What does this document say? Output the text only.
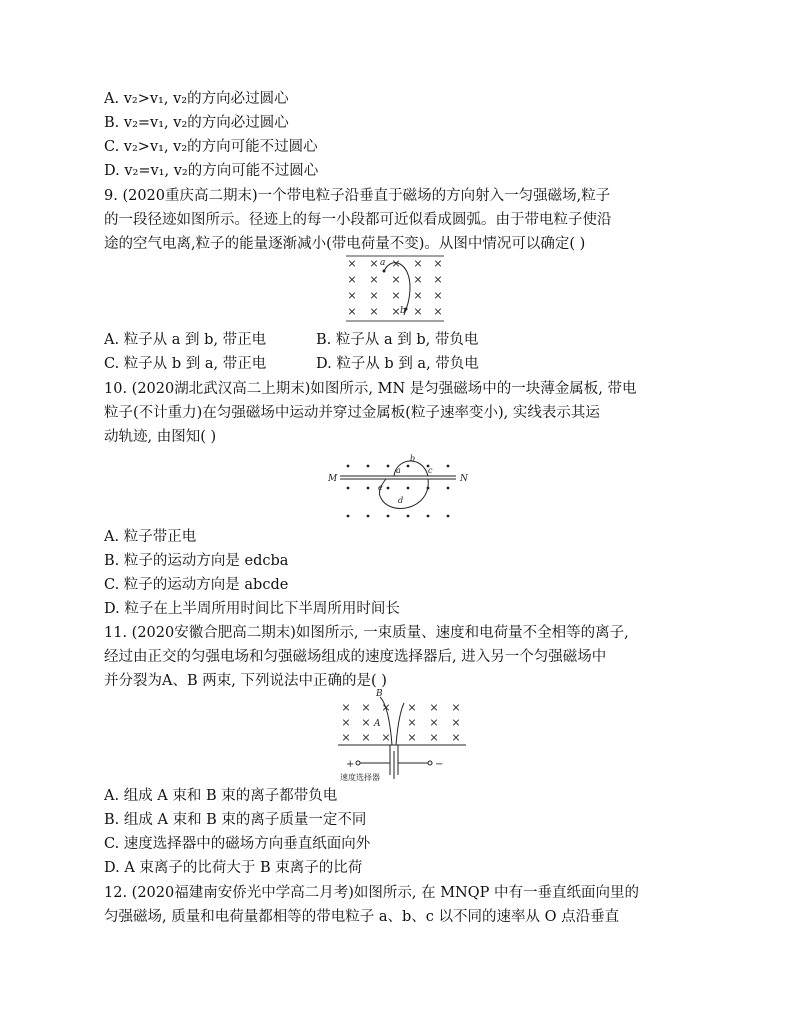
A. v₂>v₁, v₂的方向必过圆心
B. v₂=v₁, v₂的方向必过圆心
C. v₂>v₁, v₂的方向可能不过圆心
D. v₂=v₁, v₂的方向可能不过圆心
9. (2020重庆高二期末)一个带电粒子沿垂直于磁场的方向射入一匀强磁场,粒子
的一段径迹如图所示。径迹上的每一小段都可近似看成圆弧。由于带电粒子使沿
途的空气电离,粒子的能量逐渐减小(带电荷量不变)。从图中情况可以确定( )
× × × × ×
× × × × ×
× × × × ×
× × × × ×
a
b
A. 粒子从 a 到 b, 带正电	B. 粒子从 a 到 b, 带负电
C. 粒子从 b 到 a, 带正电	D. 粒子从 b 到 a, 带负电
10. (2020湖北武汉高二上期末)如图所示, MN 是匀强磁场中的一块薄金属板, 带电
粒子(不计重力)在匀强磁场中运动并穿过金属板(粒子速率变小), 实线表示其运
动轨迹, 由图知( )
M	N
a
b
c
d
e
A. 粒子带正电
B. 粒子的运动方向是 edcba
C. 粒子的运动方向是 abcde
D. 粒子在上半周所用时间比下半周所用时间长
11. (2020安徽合肥高二期末)如图所示, 一束质量、速度和电荷量不全相等的离子,
经过由正交的匀强电场和匀强磁场组成的速度选择器后, 进入另一个匀强磁场中
并分裂为A、B 两束, 下列说法中正确的是( )
× × × × × ×
× ×	× × ×
× × × × × ×
B
A
+	−
速度选择器
A. 组成 A 束和 B 束的离子都带负电
B. 组成 A 束和 B 束的离子质量一定不同
C. 速度选择器中的磁场方向垂直纸面向外
D. A 束离子的比荷大于 B 束离子的比荷
12. (2020福建南安侨光中学高二月考)如图所示, 在 MNQP 中有一垂直纸面向里的
匀强磁场, 质量和电荷量都相等的带电粒子 a、b、c 以不同的速率从 O 点沿垂直
